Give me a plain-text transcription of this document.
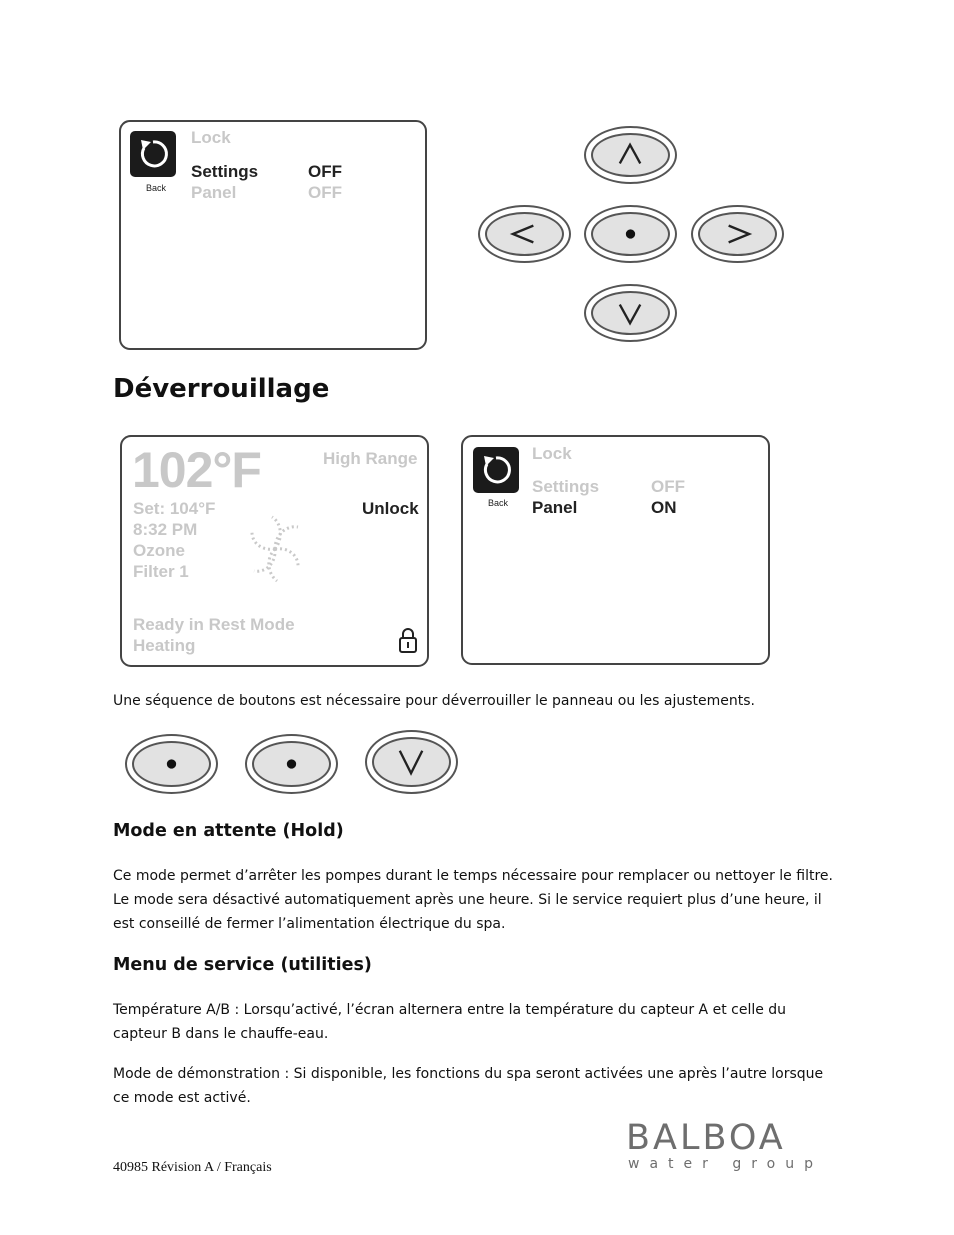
Back
Lock
Settings	OFF
Panel	OFF
Déverrouillage
102°F	High Range
Set: 104°F
8:32 PM
Ozone
Filter 1
Unlock
Ready in Rest Mode
Heating
Back
Lock
Settings	OFF
Panel	ON
Une séquence de boutons est nécessaire pour déverrouiller le panneau ou les ajustements.
Mode en attente (Hold)
Ce mode permet d’arrêter les pompes durant le temps nécessaire pour remplacer ou nettoyer le filtre. Le mode sera désactivé automatiquement après une heure. Si le service requiert plus d’une heure, il est conseillé de fermer l’alimentation électrique du spa.
Menu de service (utilities)
Température A/B : Lorsqu’activé, l’écran alternera entre la température du capteur A et celle du capteur B dans le chauffe-eau.
Mode de démonstration : Si disponible, les fonctions du spa seront activées une après l’autre lorsque ce mode est activé.
40985 Révision A / Français
BALBOA
water group
